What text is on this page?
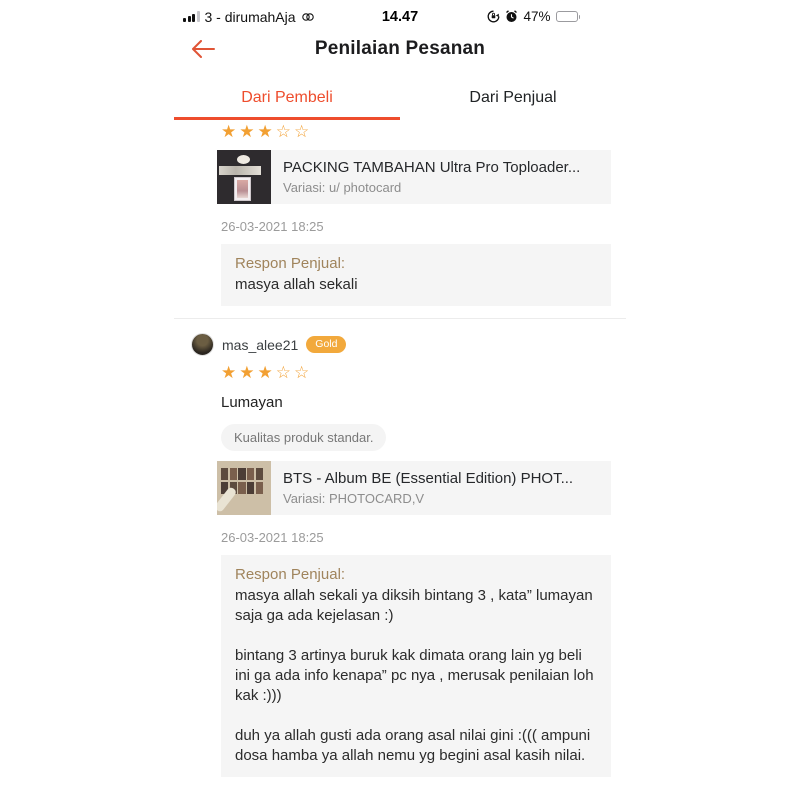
3 - dirumahAja	14.47	47%
Penilaian Pesanan
Dari Pembeli	Dari Penjual
★★★☆☆
PACKING TAMBAHAN Ultra Pro Toploader...
Variasi: u/ photocard
26-03-2021 18:25
Respon Penjual:
masya allah sekali
mas_alee21	Gold
★★★☆☆
Lumayan
Kualitas produk standar.
BTS - Album BE (Essential Edition) PHOT...
Variasi: PHOTOCARD,V
26-03-2021 18:25
Respon Penjual:

masya allah sekali ya diksih bintang 3 , kata” lumayan saja ga ada kejelasan :)

bintang 3 artinya buruk kak dimata orang lain yg beli ini ga ada info kenapa” pc nya , merusak penilaian loh kak :)))

duh ya allah gusti ada orang asal nilai gini :((( ampuni dosa hamba ya allah nemu yg begini asal kasih nilai.
